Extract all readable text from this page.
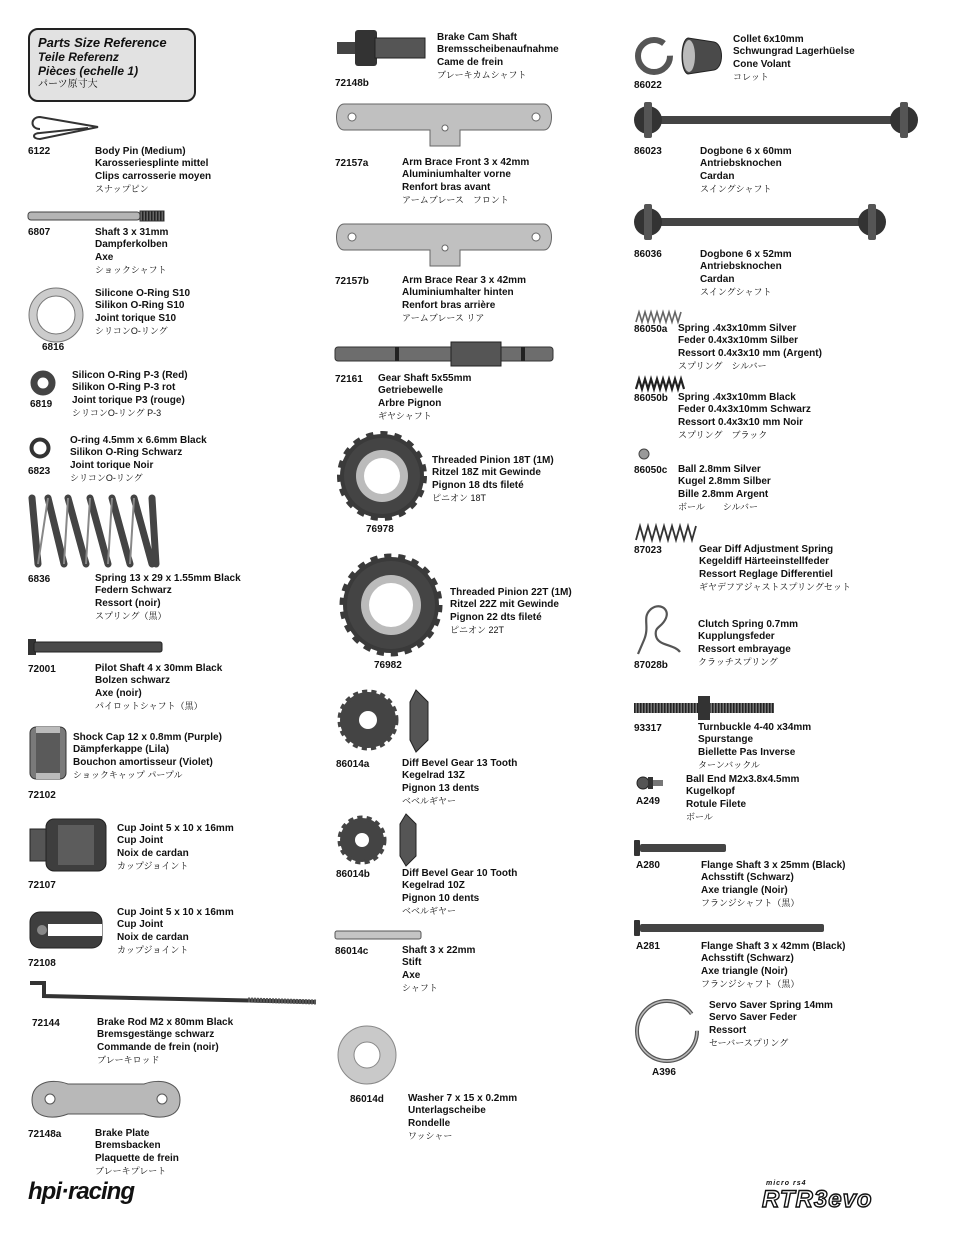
Parts Size Reference
Teile Referenz
Pièces (echelle 1)
パーツ原寸大
6122	Body Pin (Medium)
Karosseriesplinte mittel
Clips carrosserie moyen
スナップピン
6807	Shaft 3 x 31mm
Dampferkolben
Axe
ショックシャフト
6816
Silicone O-Ring S10
Silikon O-Ring S10
Joint torique S10
シリコンO-リング
6819
Silicon O-Ring P-3 (Red)
Silikon O-Ring P-3 rot
Joint torique P3 (rouge)
シリコンO-リング P-3
6823
O-ring 4.5mm x 6.6mm Black
Silikon O-Ring Schwarz
Joint torique Noir
シリコンO-リング
6836	Spring 13 x 29 x 1.55mm Black
Federn Schwarz
Ressort (noir)
スプリング（黒）
72001	Pilot Shaft 4 x 30mm Black
Bolzen schwarz
Axe (noir)
パイロットシャフト（黒）
72102
Shock Cap 12 x 0.8mm (Purple)
Dämpferkappe (Lila)
Bouchon amortisseur (Violet)
ショックキャップ パープル
72107
Cup Joint 5 x 10 x 16mm
Cup Joint
Noix de cardan
カップジョイント
72108
Cup Joint 5 x 10 x 16mm
Cup Joint
Noix de cardan
カップジョイント
72144	Brake Rod M2 x 80mm Black
Bremsgestänge schwarz
Commande de frein (noir)
ブレーキロッド
72148a	Brake Plate
Bremsbacken
Plaquette de frein
ブレーキプレート
72148b
Brake Cam Shaft
Bremsscheibenaufnahme
Came de frein
ブレーキカムシャフト
72157a	Arm Brace Front 3 x 42mm
Aluminiumhalter vorne
Renfort bras avant
アームブレース　フロント
72157b	Arm Brace Rear 3 x 42mm
Aluminiumhalter hinten
Renfort bras arrière
アームブレース リア
72161 Gear Shaft 5x55mm
Getriebewelle
Arbre Pignon
ギヤシャフト
76978
Threaded Pinion 18T (1M)
Ritzel 18Z mit Gewinde
Pignon 18 dts fileté
ピニオン 18T
76982
Threaded Pinion 22T (1M)
Ritzel 22Z mit Gewinde
Pignon 22 dts fileté
ピニオン 22T
86014a	Diff Bevel Gear 13 Tooth
Kegelrad 13Z
Pignon 13 dents
ベベルギヤー
86014b	Diff Bevel Gear 10 Tooth
Kegelrad 10Z
Pignon 10 dents
ベベルギヤー
86014c	Shaft 3 x 22mm
Stift
Axe
シャフト
86014d Washer 7 x 15 x 0.2mm
Unterlagscheibe
Rondelle
ワッシャー
86022
Collet 6x10mm
Schwungrad Lagerhüelse
Cone Volant
コレット
86023	Dogbone 6 x 60mm
Antriebsknochen
Cardan
スイングシャフト
86036	Dogbone 6 x 52mm
Antriebsknochen
Cardan
スイングシャフト
86050a Spring .4x3x10mm Silver
Feder 0.4x3x10mm Silber
Ressort 0.4x3x10 mm (Argent)
スプリング　シルバー
86050b Spring .4x3x10mm Black
Feder 0.4x3x10mm Schwarz
Ressort 0.4x3x10 mm Noir
スプリング　ブラック
86050c Ball 2.8mm Silver
Kugel 2.8mm Silber
Bille 2.8mm Argent
ボール　　シルバー
87023	Gear Diff Adjustment Spring
Kegeldiff Härteeinstellfeder
Ressort Reglage Differentiel
ギヤデフアジャストスプリングセット
87028b
Clutch Spring 0.7mm
Kupplungsfeder
Ressort embrayage
クラッチスプリング
93317	Turnbuckle 4-40 x34mm
Spurstange
Biellette Pas Inverse
ターンバックル
A249
Ball End M2x3.8x4.5mm
Kugelkopf
Rotule Filete
ボール
A280	Flange Shaft 3 x 25mm (Black)
Achsstift (Schwarz)
Axe triangle (Noir)
フランジシャフト（黒）
A281	Flange Shaft 3 x 42mm (Black)
Achsstift (Schwarz)
Axe triangle (Noir)
フランジシャフト（黒）
A396
Servo Saver Spring 14mm
Servo Saver Feder
Ressort
セーバースプリング
hpi·racing	micro rs4
RTR3evo
